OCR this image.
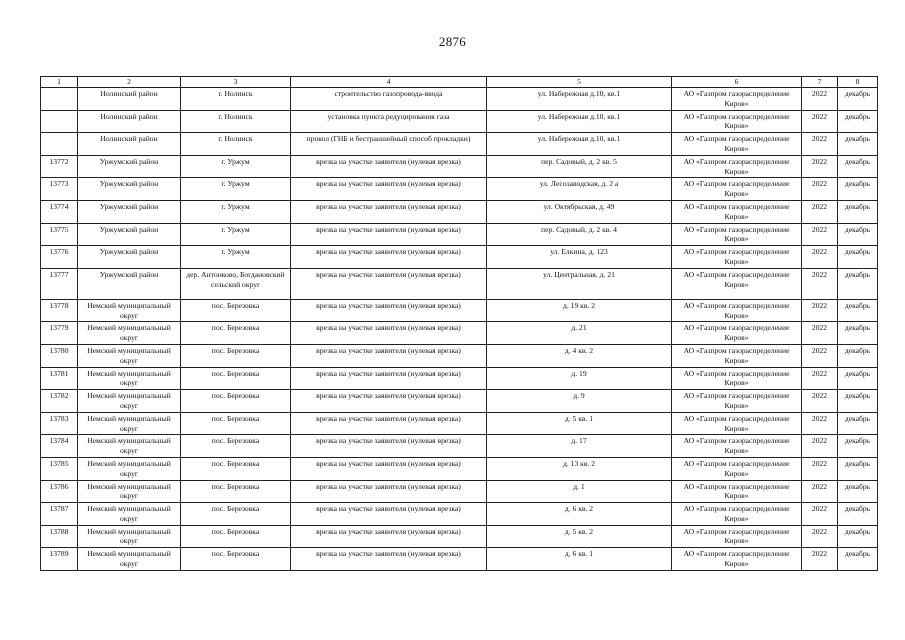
2876
1	2	3	4	5	6	7	8
	Нолинский район	г. Нолинск	строительство газопровода-ввода	ул. Набережная д.10, кв.1	АО «Газпром газораспределение Киров»	2022	декабрь
	Нолинский район	г. Нолинск	установка пункта редуцирования газа	ул. Набережная д.10, кв.1	АО «Газпром газораспределение Киров»	2022	декабрь
	Нолинский район	г. Нолинск	прокол (ГНБ и бестраншейный способ прокладки)	ул. Набережная д.10, кв.1	АО «Газпром газораспределение Киров»	2022	декабрь
13772	Уржумский район	г. Уржум	врезка на участке заявителя (нулевая врезка)	пер. Садовый, д. 2 кв. 5	АО «Газпром газораспределение Киров»	2022	декабрь
13773	Уржумский район	г. Уржум	врезка на участке заявителя (нулевая врезка)	ул. Лесозаводская, д. 2 а	АО «Газпром газораспределение Киров»	2022	декабрь
13774	Уржумский район	г. Уржум	врезка на участке заявителя (нулевая врезка)	ул. Октябрьская, д. 49	АО «Газпром газораспределение Киров»	2022	декабрь
13775	Уржумский район	г. Уржум	врезка на участке заявителя (нулевая врезка)	пер. Садовый, д. 2 кв. 4	АО «Газпром газораспределение Киров»	2022	декабрь
13776	Уржумский район	г. Уржум	врезка на участке заявителя (нулевая врезка)	ул. Елкина, д. 123	АО «Газпром газораспределение Киров»	2022	декабрь
13777	Уржумский район	дер. Антонково, Богдановский сельский округ	врезка на участке заявителя (нулевая врезка)	ул. Центральная, д. 21	АО «Газпром газораспределение Киров»	2022	декабрь
13778	Немский муниципальный округ	пос. Березовка	врезка на участке заявителя (нулевая врезка)	д. 19 кв. 2	АО «Газпром газораспределение Киров»	2022	декабрь
13779	Немский муниципальный округ	пос. Березовка	врезка на участке заявителя (нулевая врезка)	д. 21	АО «Газпром газораспределение Киров»	2022	декабрь
13780	Немский муниципальный округ	пос. Березовка	врезка на участке заявителя (нулевая врезка)	д. 4 кв. 2	АО «Газпром газораспределение Киров»	2022	декабрь
13781	Немский муниципальный округ	пос. Березовка	врезка на участке заявителя (нулевая врезка)	д. 19	АО «Газпром газораспределение Киров»	2022	декабрь
13782	Немский муниципальный округ	пос. Березовка	врезка на участке заявителя (нулевая врезка)	д. 9	АО «Газпром газораспределение Киров»	2022	декабрь
13783	Немский муниципальный округ	пос. Березовка	врезка на участке заявителя (нулевая врезка)	д. 5 кв. 1	АО «Газпром газораспределение Киров»	2022	декабрь
13784	Немский муниципальный округ	пос. Березовка	врезка на участке заявителя (нулевая врезка)	д. 17	АО «Газпром газораспределение Киров»	2022	декабрь
13785	Немский муниципальный округ	пос. Березовка	врезка на участке заявителя (нулевая врезка)	д. 13 кв. 2	АО «Газпром газораспределение Киров»	2022	декабрь
13786	Немский муниципальный округ	пос. Березовка	врезка на участке заявителя (нулевая врезка)	д. 1	АО «Газпром газораспределение Киров»	2022	декабрь
13787	Немский муниципальный округ	пос. Березовка	врезка на участке заявителя (нулевая врезка)	д. 6 кв. 2	АО «Газпром газораспределение Киров»	2022	декабрь
13788	Немский муниципальный округ	пос. Березовка	врезка на участке заявителя (нулевая врезка)	д. 5 кв. 2	АО «Газпром газораспределение Киров»	2022	декабрь
13789	Немский муниципальный округ	пос. Березовка	врезка на участке заявителя (нулевая врезка)	д. 6 кв. 1	АО «Газпром газораспределение Киров»	2022	декабрь
